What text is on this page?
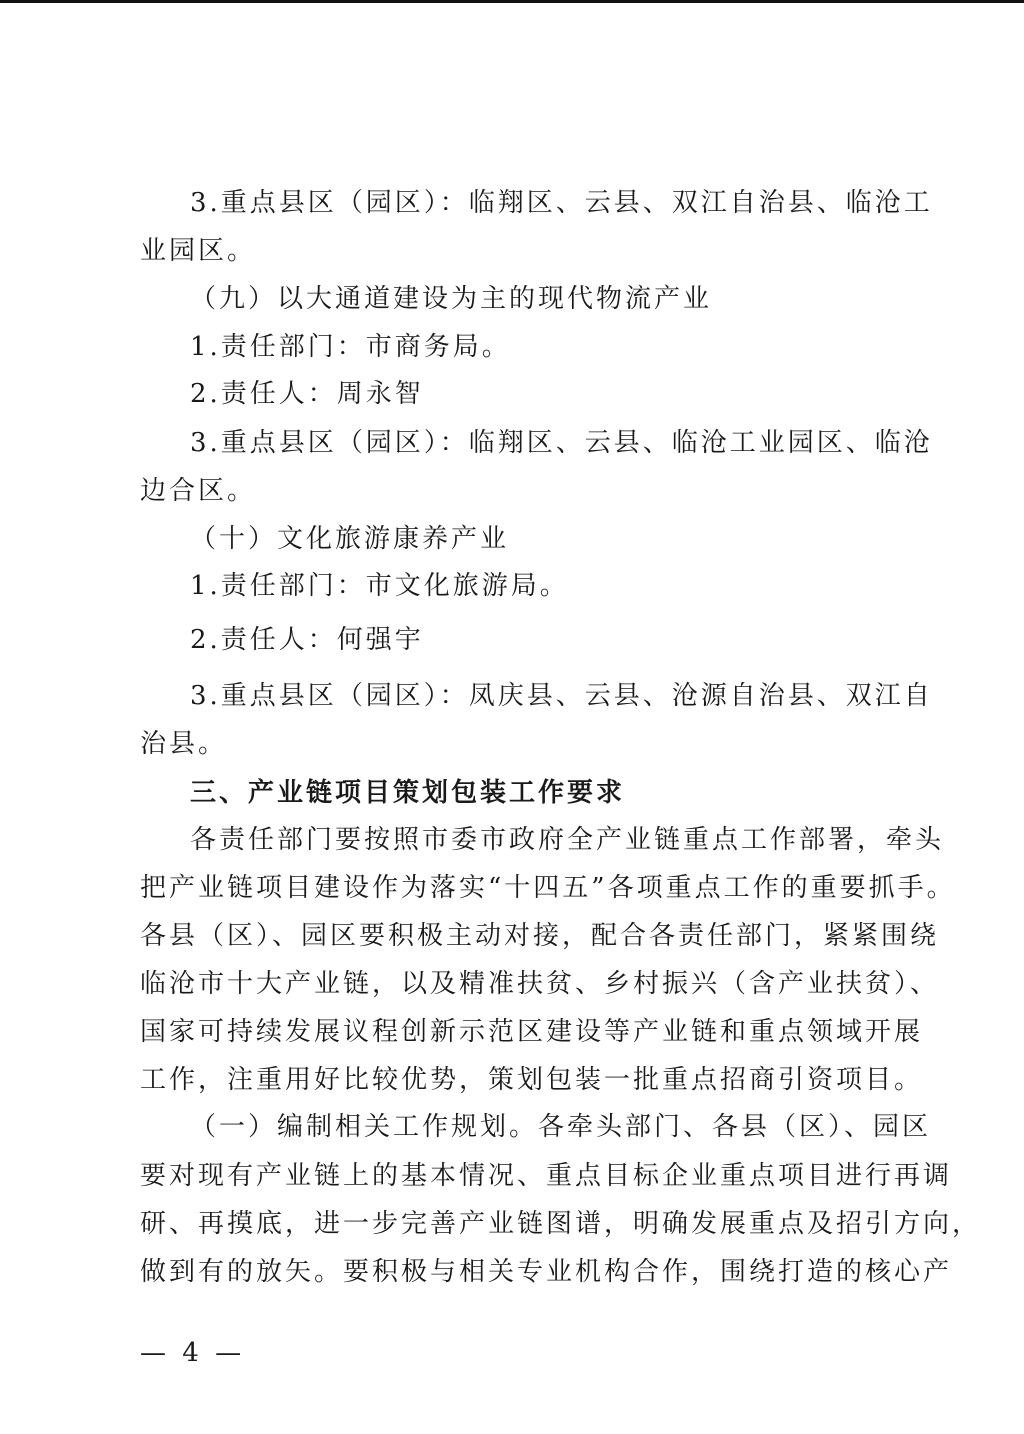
3.重点县区（园区）：临翔区、云县、双江自治县、临沧工
业园区。
（九）以大通道建设为主的现代物流产业
1.责任部门：市商务局。
2.责任人：周永智
3.重点县区（园区）：临翔区、云县、临沧工业园区、临沧
边合区。
（十）文化旅游康养产业
1.责任部门：市文化旅游局。
2.责任人：何强宇
3.重点县区（园区）：凤庆县、云县、沧源自治县、双江自
治县。
三、产业链项目策划包装工作要求
各责任部门要按照市委市政府全产业链重点工作部署，牵头
把产业链项目建设作为落实“十四五”各项重点工作的重要抓手。
各县（区）、园区要积极主动对接，配合各责任部门，紧紧围绕
临沧市十大产业链，以及精准扶贫、乡村振兴（含产业扶贫）、
国家可持续发展议程创新示范区建设等产业链和重点领域开展
工作，注重用好比较优势，策划包装一批重点招商引资项目。
（一）编制相关工作规划。各牵头部门、各县（区）、园区
要对现有产业链上的基本情况、重点目标企业重点项目进行再调
研、再摸底，进一步完善产业链图谱，明确发展重点及招引方向，
做到有的放矢。要积极与相关专业机构合作，围绕打造的核心产
— 4 —
